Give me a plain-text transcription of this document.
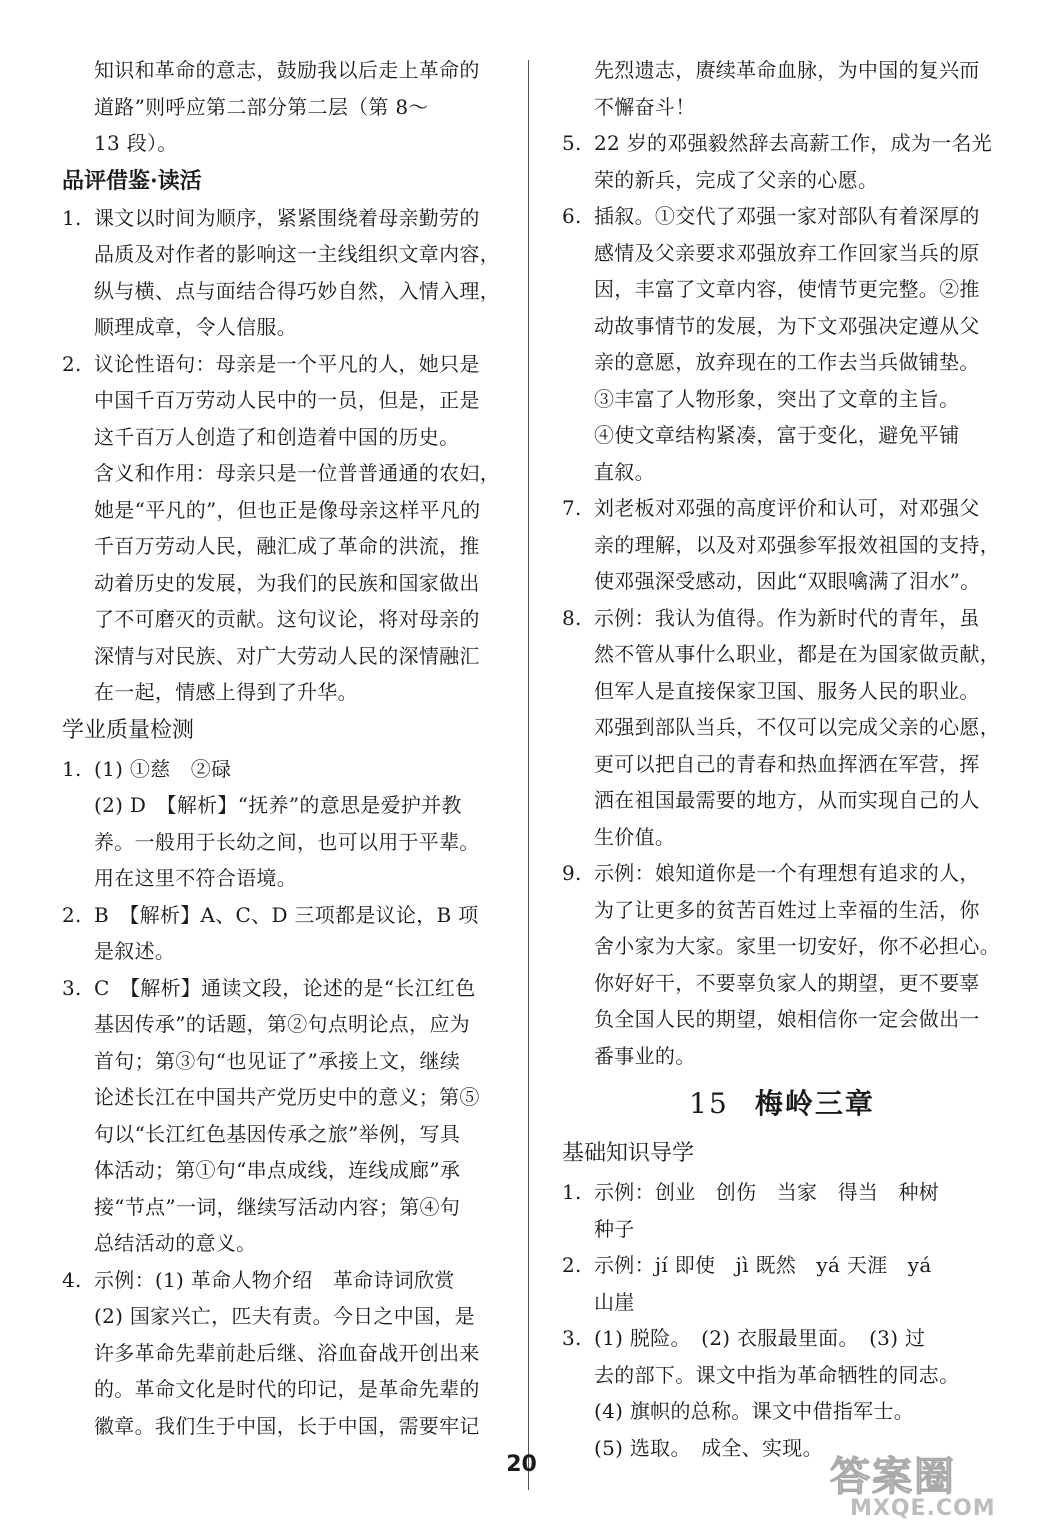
知识和革命的意志，鼓励我以后走上革命的
道路”则呼应第二部分第二层（第 8～
13 段）。
品评借鉴·读活
1. 课文以时间为顺序，紧紧围绕着母亲勤劳的
品质及对作者的影响这一主线组织文章内容，
纵与横、点与面结合得巧妙自然，入情入理，
顺理成章，令人信服。
2. 议论性语句：母亲是一个平凡的人，她只是
中国千百万劳动人民中的一员，但是，正是
这千百万人创造了和创造着中国的历史。
含义和作用：母亲只是一位普普通通的农妇，
她是“平凡的”，但也正是像母亲这样平凡的
千百万劳动人民，融汇成了革命的洪流，推
动着历史的发展，为我们的民族和国家做出
了不可磨灭的贡献。这句议论，将对母亲的
深情与对民族、对广大劳动人民的深情融汇
在一起，情感上得到了升华。
学业质量检测
1. (1) ①慈　②碌
(2) D　【解析】“抚养”的意思是爱护并教
养。一般用于长幼之间，也可以用于平辈。
用在这里不符合语境。
2. B　【解析】A、C、D 三项都是议论，B 项
是叙述。
3. C　【解析】通读文段，论述的是“长江红色
基因传承”的话题，第②句点明论点，应为
首句；第③句“也见证了”承接上文，继续
论述长江在中国共产党历史中的意义；第⑤
句以“长江红色基因传承之旅”举例，写具
体活动；第①句“串点成线，连线成廊”承
接“节点”一词，继续写活动内容；第④句
总结活动的意义。
4. 示例：(1) 革命人物介绍　革命诗词欣赏
(2) 国家兴亡，匹夫有责。今日之中国，是
许多革命先辈前赴后继、浴血奋战开创出来
的。革命文化是时代的印记，是革命先辈的
徽章。我们生于中国，长于中国，需要牢记
先烈遗志，赓续革命血脉，为中国的复兴而
不懈奋斗！
5. 22 岁的邓强毅然辞去高薪工作，成为一名光
荣的新兵，完成了父亲的心愿。
6. 插叙。①交代了邓强一家对部队有着深厚的
感情及父亲要求邓强放弃工作回家当兵的原
因，丰富了文章内容，使情节更完整。②推
动故事情节的发展，为下文邓强决定遵从父
亲的意愿，放弃现在的工作去当兵做铺垫。
③丰富了人物形象，突出了文章的主旨。
④使文章结构紧凑，富于变化，避免平铺
直叙。
7. 刘老板对邓强的高度评价和认可，对邓强父
亲的理解，以及对邓强参军报效祖国的支持，
使邓强深受感动，因此“双眼噙满了泪水”。
8. 示例：我认为值得。作为新时代的青年，虽
然不管从事什么职业，都是在为国家做贡献，
但军人是直接保家卫国、服务人民的职业。
邓强到部队当兵，不仅可以完成父亲的心愿，
更可以把自己的青春和热血挥洒在军营，挥
洒在祖国最需要的地方，从而实现自己的人
生价值。
9. 示例：娘知道你是一个有理想有追求的人，
为了让更多的贫苦百姓过上幸福的生活，你
舍小家为大家。家里一切安好，你不必担心。
你好好干，不要辜负家人的期望，更不要辜
负全国人民的期望，娘相信你一定会做出一
番事业的。
15 梅岭三章
基础知识导学
1. 示例：创业　创伤　当家　得当　种树
种子
2. 示例：jí 即使　jì 既然　yá 天涯　yá
山崖
3. (1) 脱险。　(2) 衣服最里面。　(3) 过
去的部下。课文中指为革命牺牲的同志。
(4) 旗帜的总称。课文中借指军士。
(5) 选取。　成全、实现。
20	答案圈
MXQE.COM
